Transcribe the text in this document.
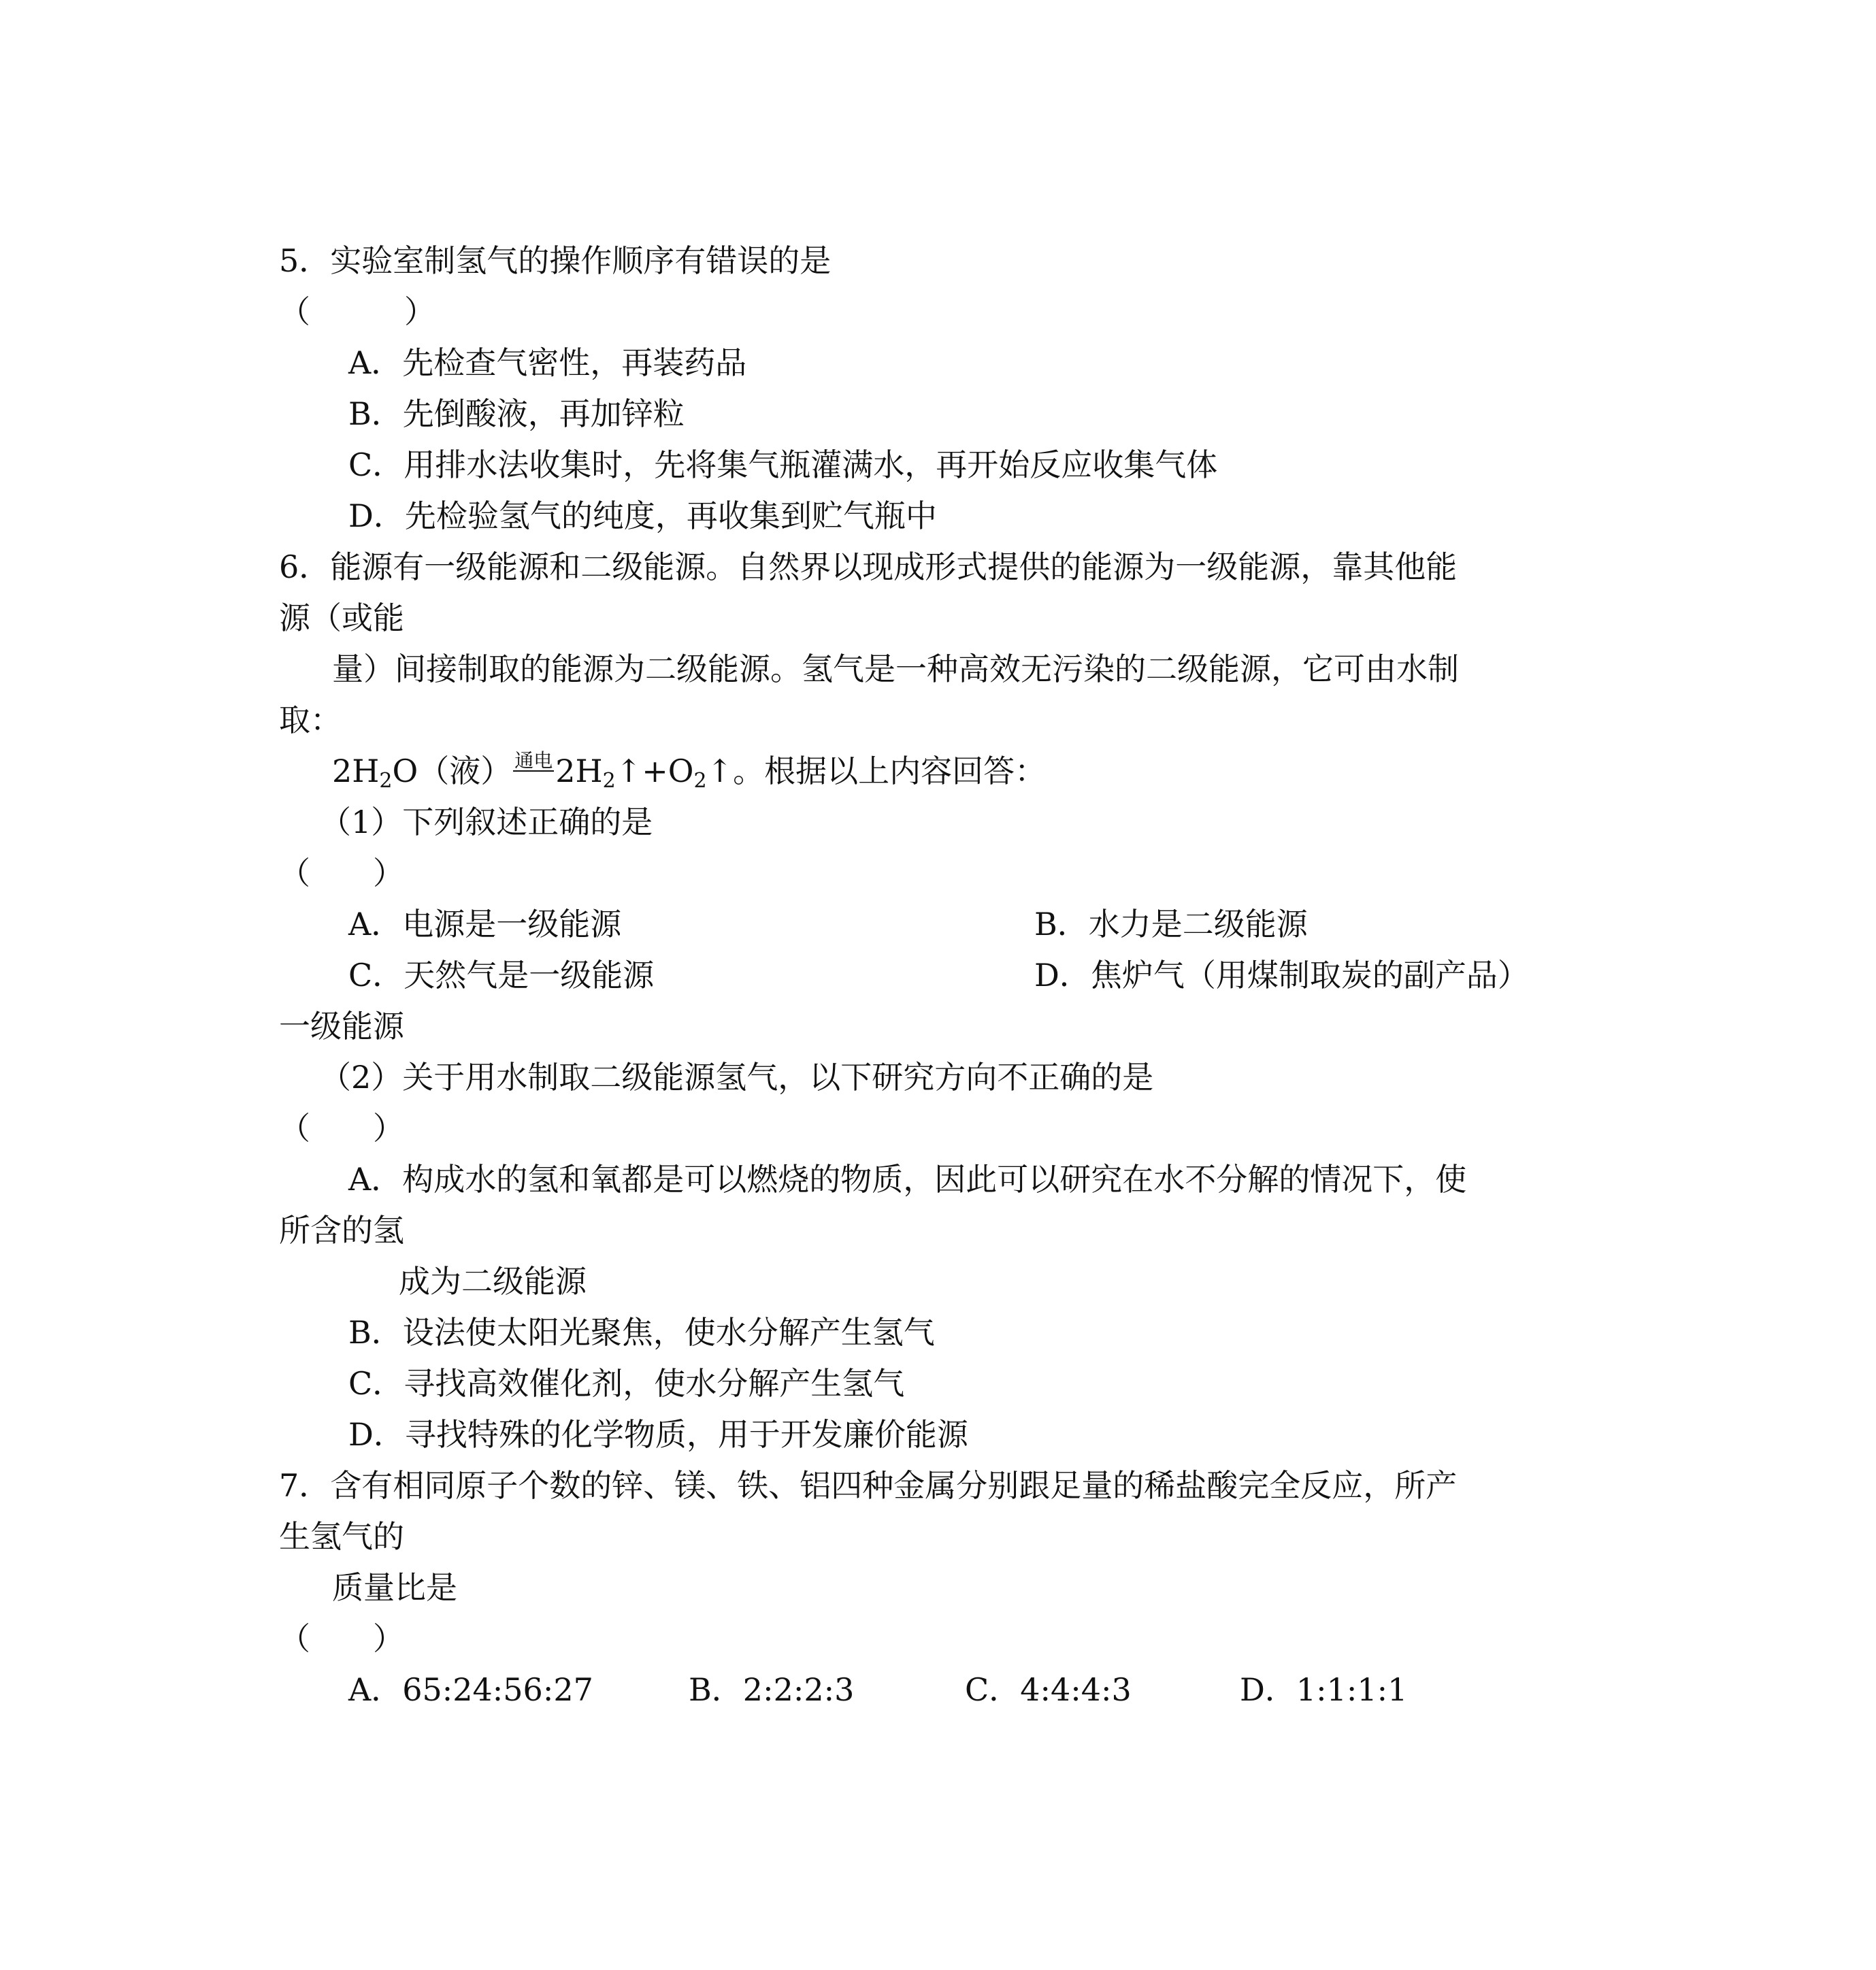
5．实验室制氢气的操作顺序有错误的是
（　　　）
A．先检查气密性，再装药品
B．先倒酸液，再加锌粒
C．用排水法收集时，先将集气瓶灌满水，再开始反应收集气体
D．先检验氢气的纯度，再收集到贮气瓶中
6．能源有一级能源和二级能源。自然界以现成形式提供的能源为一级能源，靠其他能
源（或能
量）间接制取的能源为二级能源。氢气是一种高效无污染的二级能源，它可由水制
取：
$2H_2O$（液） 通电$2H_2↑+O_2↑$。根据以上内容回答：
（1）下列叙述正确的是
（　　）
A．电源是一级能源	B．水力是二级能源
C．天然气是一级能源	D．焦炉气（用煤制取炭的副产品）
一级能源
（2）关于用水制取二级能源氢气，以下研究方向不正确的是
（　　）
A．构成水的氢和氧都是可以燃烧的物质，因此可以研究在水不分解的情况下，使
所含的氢
成为二级能源
B．设法使太阳光聚焦，使水分解产生氢气
C．寻找高效催化剂，使水分解产生氢气
D．寻找特殊的化学物质，用于开发廉价能源
7．含有相同原子个数的锌、镁、铁、铝四种金属分别跟足量的稀盐酸完全反应，所产
生氢气的
质量比是
（　　）
A．65:24:56:27	B．2:2:2:3	C．4:4:4:3	D．1:1:1:1
